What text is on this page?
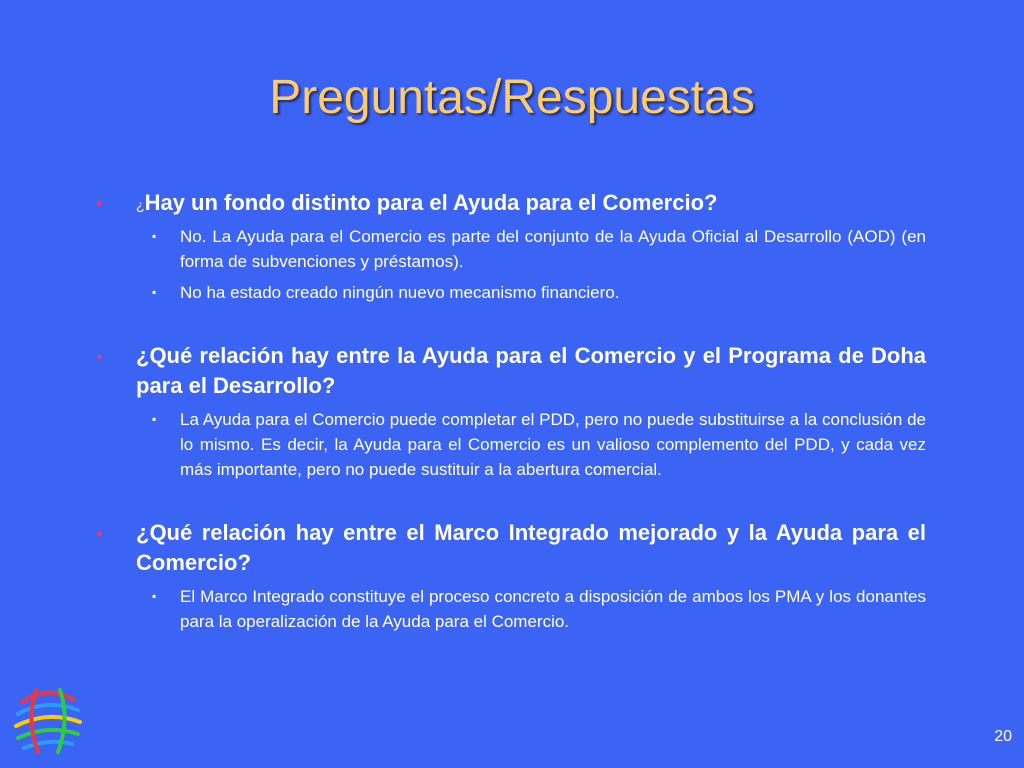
Preguntas/Respuestas
▪ ¿Hay un fondo distinto para el Ayuda para el Comercio?
▪ No. La Ayuda para el Comercio es parte del conjunto de la Ayuda Oficial al Desarrollo (AOD) (en forma de subvenciones y préstamos).
▪ No ha estado creado ningún nuevo mecanismo financiero.
▪ ¿Qué relación hay entre la Ayuda para el Comercio y el Programa de Doha para el Desarrollo?
▪ La Ayuda para el Comercio puede completar el PDD, pero no puede substituirse a la conclusión de lo mismo. Es decir, la Ayuda para el Comercio es un valioso complemento del PDD, y cada vez más importante, pero no puede sustituir a la abertura comercial.
▪ ¿Qué relación hay entre el Marco Integrado mejorado y la Ayuda para el Comercio?
▪ El Marco Integrado constituye el proceso concreto a disposición de ambos los PMA y los donantes para la operalización de la Ayuda para el Comercio.
20
